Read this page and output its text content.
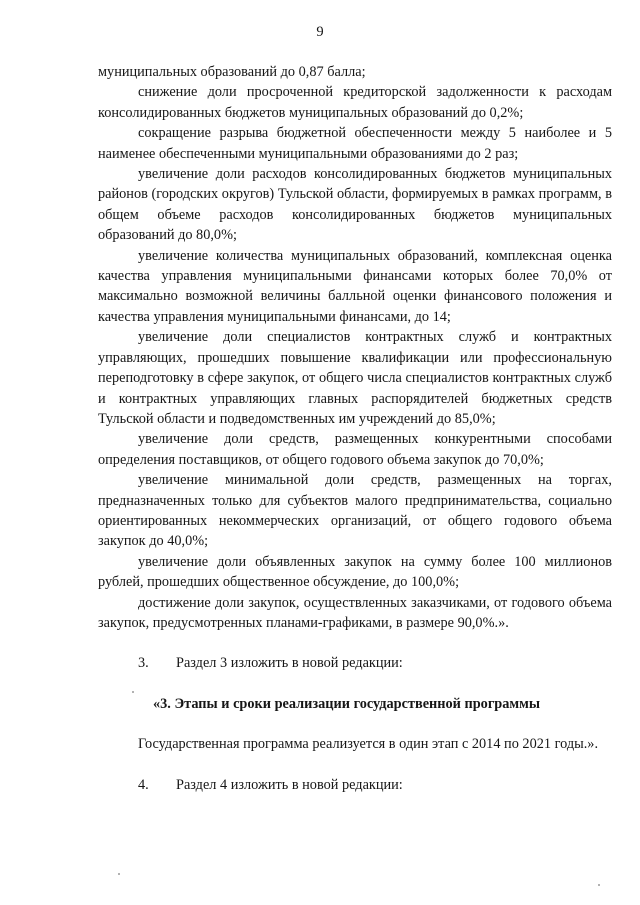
9

муниципальных образований до 0,87 балла;

снижение доли просроченной кредиторской задолженности к расходам консолидированных бюджетов муниципальных образований до 0,2%;

сокращение разрыва бюджетной обеспеченности между 5 наиболее и 5 наименее обеспеченными муниципальными образованиями до 2 раз;

увеличение доли расходов консолидированных бюджетов муниципальных районов (городских округов) Тульской области, формируемых в рамках программ, в общем объеме расходов консолидированных бюджетов муниципальных образований до 80,0%;

увеличение количества муниципальных образований, комплексная оценка качества управления муниципальными финансами которых более 70,0% от максимально возможной величины балльной оценки финансового положения и качества управления муниципальными финансами, до 14;

увеличение доли специалистов контрактных служб и контрактных управляющих, прошедших повышение квалификации или профессиональную переподготовку в сфере закупок, от общего числа специалистов контрактных служб и контрактных управляющих главных распорядителей бюджетных средств Тульской области и подведомственных им учреждений до 85,0%;

увеличение доли средств, размещенных конкурентными способами определения поставщиков, от общего годового объема закупок до 70,0%;

увеличение минимальной доли средств, размещенных на торгах, предназначенных только для субъектов малого предпринимательства, социально ориентированных некоммерческих организаций, от общего годового объема закупок до 40,0%;

увеличение доли объявленных закупок на сумму более 100 миллионов рублей, прошедших общественное обсуждение, до 100,0%;

достижение доли закупок, осуществленных заказчиками, от годового объема закупок, предусмотренных планами-графиками, в размере 90,0%.».

3. Раздел 3 изложить в новой редакции:

«3. Этапы и сроки реализации государственной программы

Государственная программа реализуется в один этап с 2014 по 2021 годы.».

4. Раздел 4 изложить в новой редакции:
